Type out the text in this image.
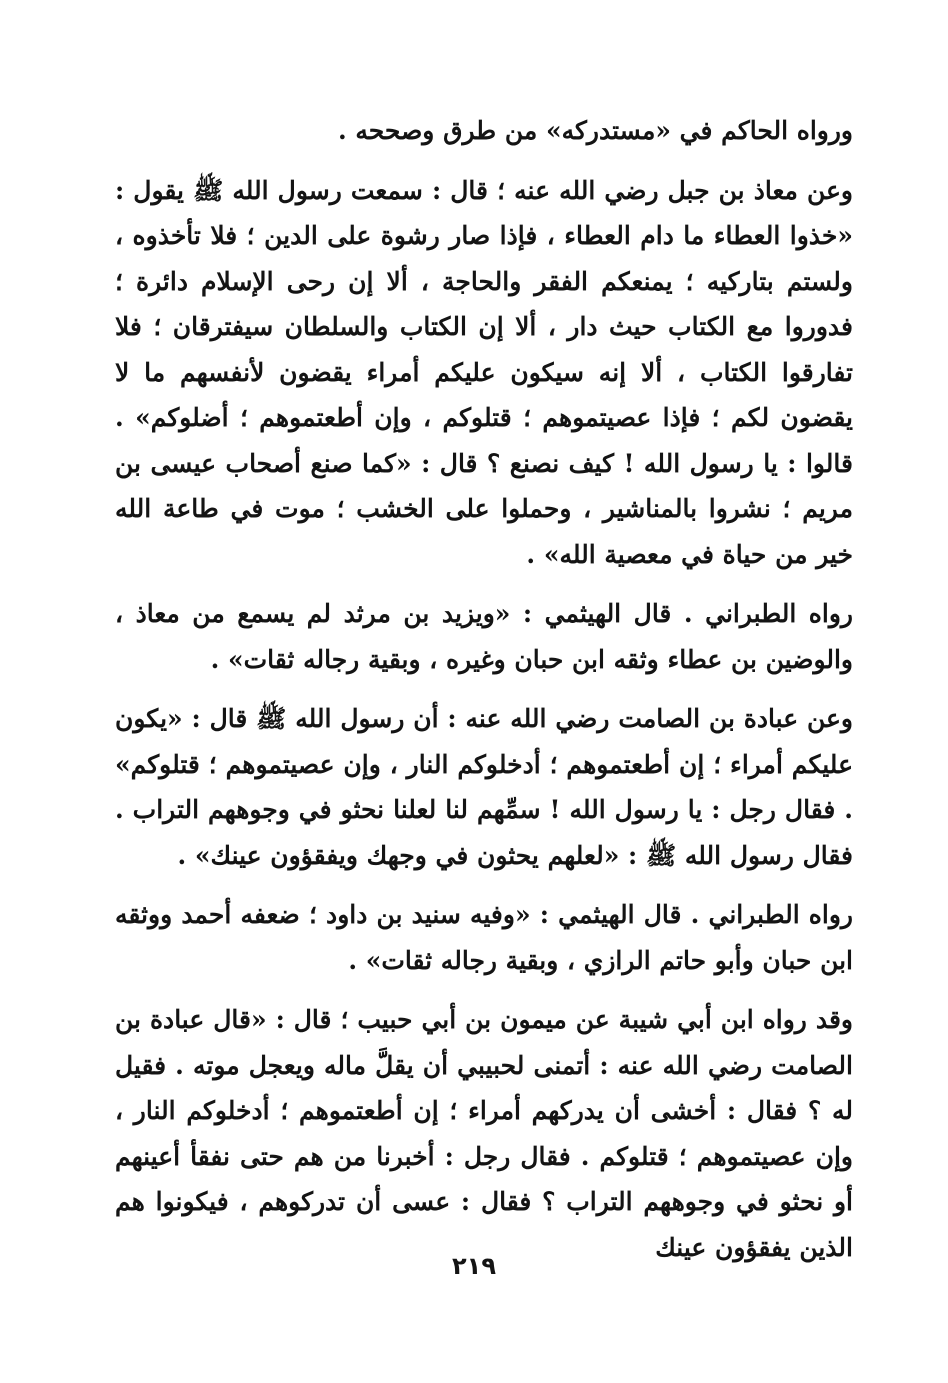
ورواه الحاكم في «مستدركه» من طرق وصححه .

وعن معاذ بن جبل رضي الله عنه ؛ قال : سمعت رسول الله ﷺ يقول : «خذوا العطاء ما دام العطاء ، فإذا صار رشوة على الدين ؛ فلا تأخذوه ، ولستم بتاركيه ؛ يمنعكم الفقر والحاجة ، ألا إن رحى الإسلام دائرة ؛ فدوروا مع الكتاب حيث دار ، ألا إن الكتاب والسلطان سيفترقان ؛ فلا تفارقوا الكتاب ، ألا إنه سيكون عليكم أمراء يقضون لأنفسهم ما لا يقضون لكم ؛ فإذا عصيتموهم ؛ قتلوكم ، وإن أطعتموهم ؛ أضلوكم» . قالوا : يا رسول الله ! كيف نصنع ؟ قال : «كما صنع أصحاب عيسى بن مريم ؛ نشروا بالمناشير ، وحملوا على الخشب ؛ موت في طاعة الله خير من حياة في معصية الله» .

رواه الطبراني . قال الهيثمي : «ويزيد بن مرثد لم يسمع من معاذ ، والوضين بن عطاء وثقه ابن حبان وغيره ، وبقية رجاله ثقات» .

وعن عبادة بن الصامت رضي الله عنه : أن رسول الله ﷺ قال : «يكون عليكم أمراء ؛ إن أطعتموهم ؛ أدخلوكم النار ، وإن عصيتموهم ؛ قتلوكم» . فقال رجل : يا رسول الله ! سمِّهم لنا لعلنا نحثو في وجوههم التراب . فقال رسول الله ﷺ : «لعلهم يحثون في وجهك ويفقؤون عينك» .

رواه الطبراني . قال الهيثمي : «وفيه سنيد بن داود ؛ ضعفه أحمد ووثقه ابن حبان وأبو حاتم الرازي ، وبقية رجاله ثقات» .

وقد رواه ابن أبي شيبة عن ميمون بن أبي حبيب ؛ قال : «قال عبادة بن الصامت رضي الله عنه : أتمنى لحبيبي أن يقلَّ ماله ويعجل موته . فقيل له ؟ فقال : أخشى أن يدركهم أمراء ؛ إن أطعتموهم ؛ أدخلوكم النار ، وإن عصيتموهم ؛ قتلوكم . فقال رجل : أخبرنا من هم حتى نفقأ أعينهم أو نحثو في وجوههم التراب ؟ فقال : عسى أن تدركوهم ، فيكونوا هم الذين يفقؤون عينك

٢١٩
